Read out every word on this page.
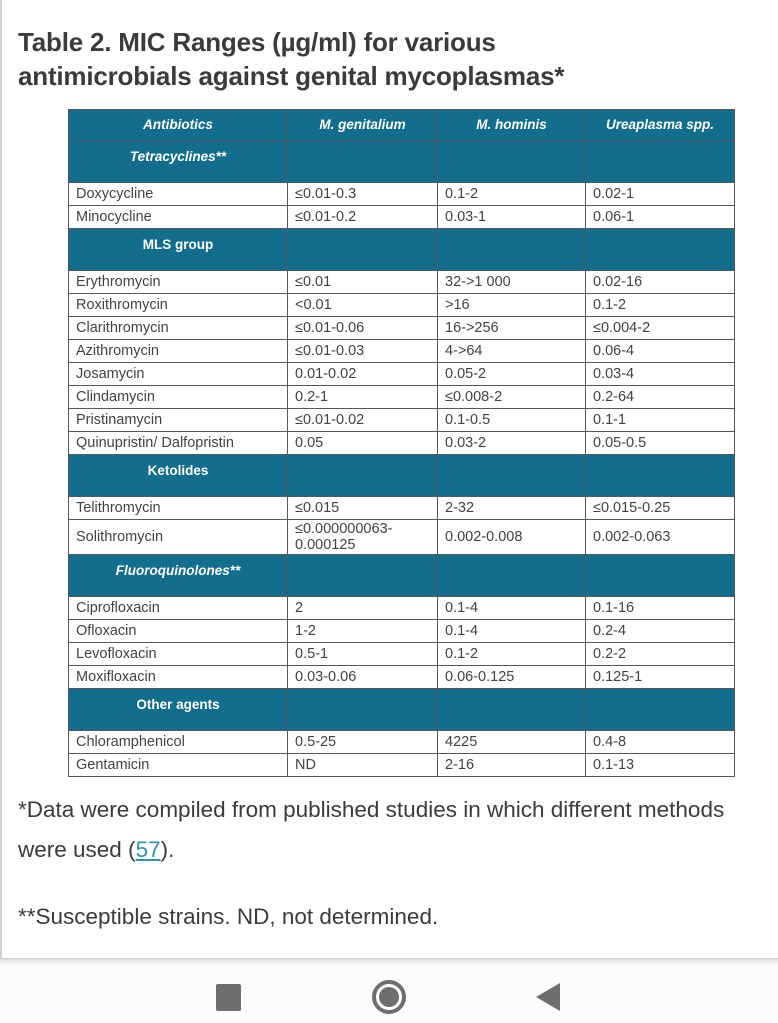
Table 2. MIC Ranges (µg/ml) for various antimicrobials against genital mycoplasmas*
Antibiotics	M. genitalium	M. hominis	Ureaplasma spp.
Tetracyclines**			
Doxycycline	≤0.01-0.3	0.1-2	0.02-1
Minocycline	≤0.01-0.2	0.03-1	0.06-1
MLS group			
Erythromycin	≤0.01	32->1 000	0.02-16
Roxithromycin	<0.01	>16	0.1-2
Clarithromycin	≤0.01-0.06	16->256	≤0.004-2
Azithromycin	≤0.01-0.03	4->64	0.06-4
Josamycin	0.01-0.02	0.05-2	0.03-4
Clindamycin	0.2-1	≤0.008-2	0.2-64
Pristinamycin	≤0.01-0.02	0.1-0.5	0.1-1
Quinupristin/ Dalfopristin	0.05	0.03-2	0.05-0.5
Ketolides			
Telithromycin	≤0.015	2-32	≤0.015-0.25
Solithromycin	≤0.000000063-0.000125	0.002-0.008	0.002-0.063
Fluoroquinolones**			
Ciprofloxacin	2	0.1-4	0.1-16
Ofloxacin	1-2	0.1-4	0.2-4
Levofloxacin	0.5-1	0.1-2	0.2-2
Moxifloxacin	0.03-0.06	0.06-0.125	0.125-1
Other agents			
Chloramphenicol	0.5-25	4225	0.4-8
Gentamicin	ND	2-16	0.1-13

*Data were compiled from published studies in which different methods were used (57).

**Susceptible strains. ND, not determined.
